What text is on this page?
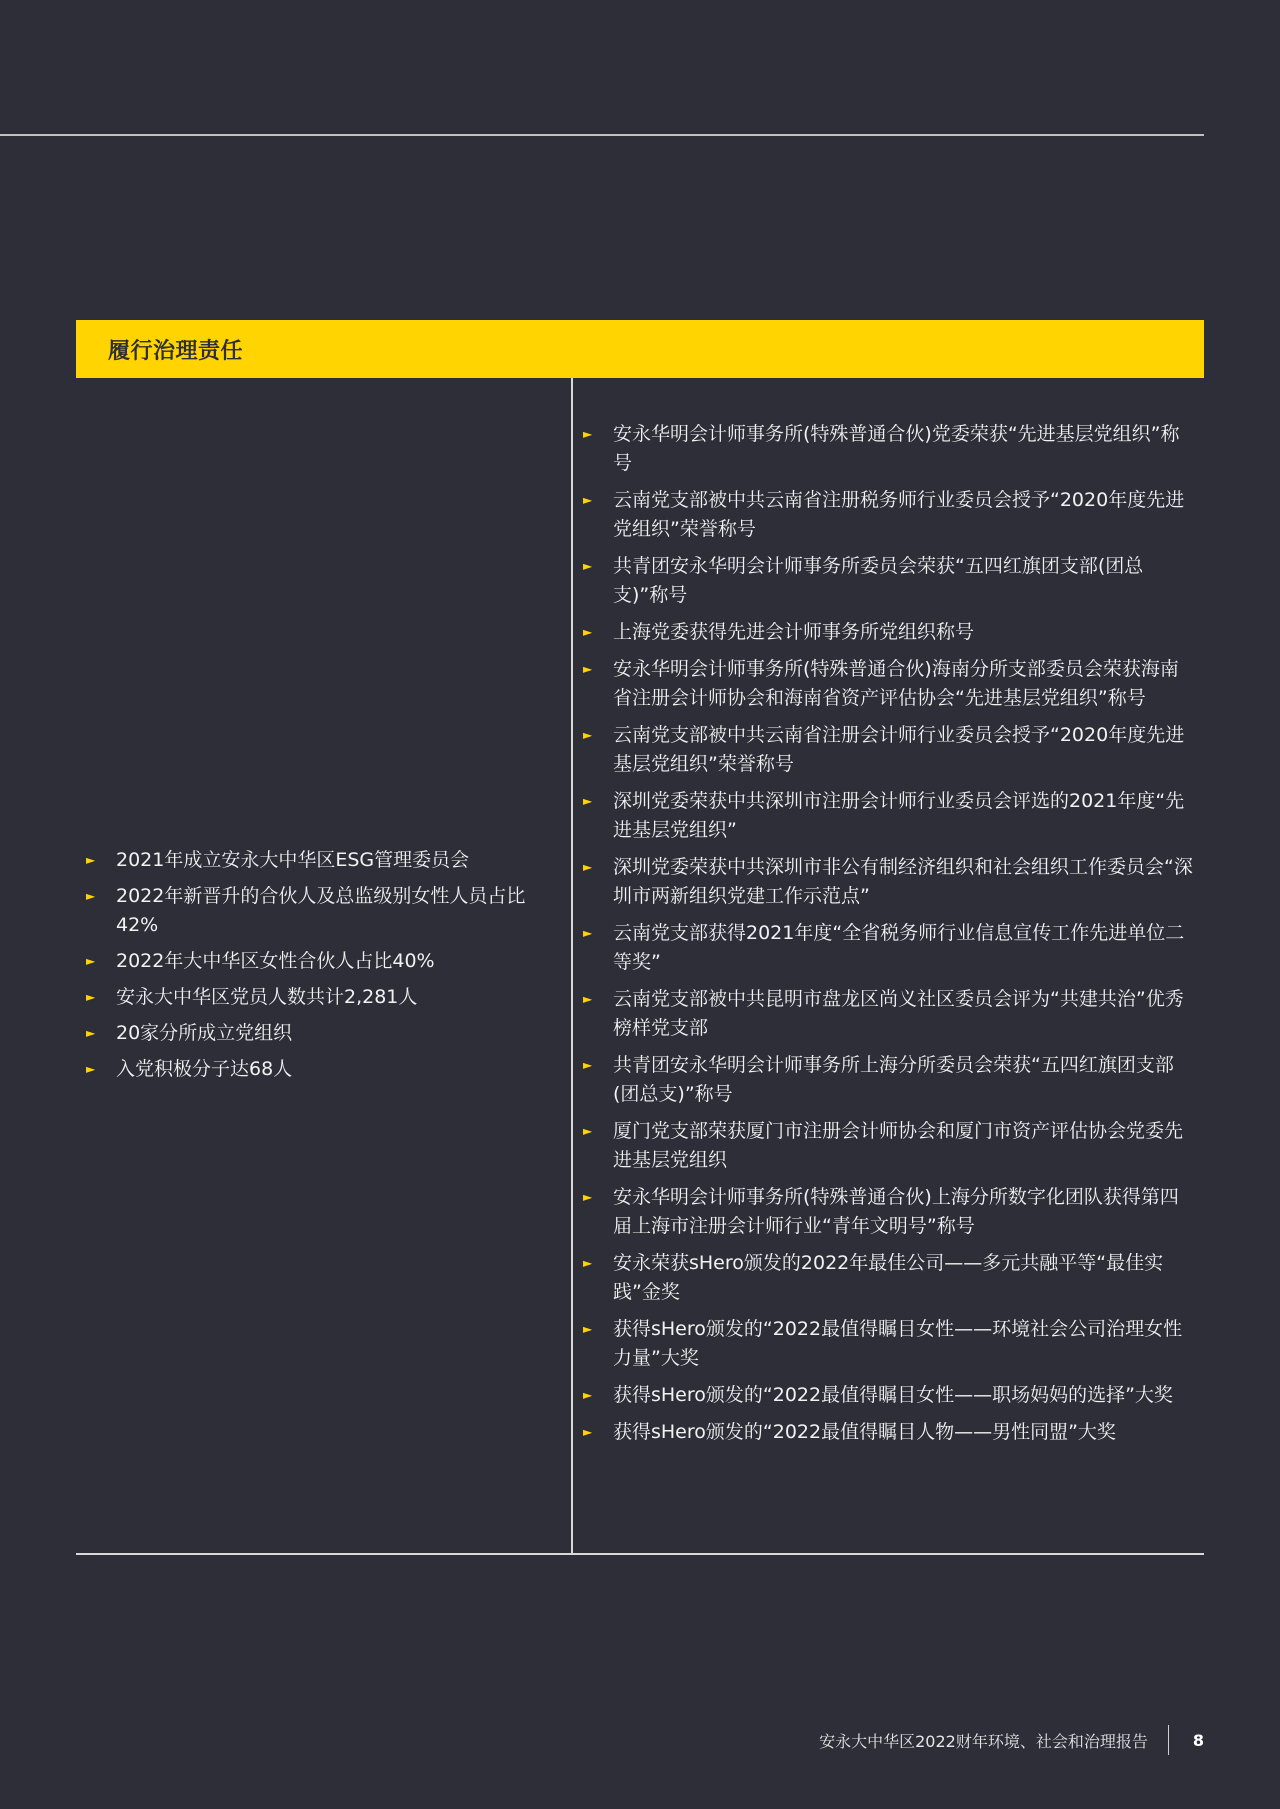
履行治理责任
►	2021年成立安永大中华区ESG管理委员会
►	2022年新晋升的合伙人及总监级别女性人员占比42%
►	2022年大中华区女性合伙人占比40%
►	安永大中华区党员人数共计2,281人
►	20家分所成立党组织
►	入党积极分子达68人
►	安永华明会计师事务所(特殊普通合伙)党委荣获“先进基层党组织”称号
►	云南党支部被中共云南省注册税务师行业委员会授予“2020年度先进党组织”荣誉称号
►	共青团安永华明会计师事务所委员会荣获“五四红旗团支部(团总支)”称号
►	上海党委获得先进会计师事务所党组织称号
►	安永华明会计师事务所(特殊普通合伙)海南分所支部委员会荣获海南省注册会计师协会和海南省资产评估协会“先进基层党组织”称号
►	云南党支部被中共云南省注册会计师行业委员会授予“2020年度先进基层党组织”荣誉称号
►	深圳党委荣获中共深圳市注册会计师行业委员会评选的2021年度“先进基层党组织”
►	深圳党委荣获中共深圳市非公有制经济组织和社会组织工作委员会“深圳市两新组织党建工作示范点”
►	云南党支部获得2021年度“全省税务师行业信息宣传工作先进单位二等奖”
►	云南党支部被中共昆明市盘龙区尚义社区委员会评为“共建共治”优秀榜样党支部
►	共青团安永华明会计师事务所上海分所委员会荣获“五四红旗团支部(团总支)”称号
►	厦门党支部荣获厦门市注册会计师协会和厦门市资产评估协会党委先进基层党组织
►	安永华明会计师事务所(特殊普通合伙)上海分所数字化团队获得第四届上海市注册会计师行业“青年文明号”称号
►	安永荣获sHero颁发的2022年最佳公司——多元共融平等“最佳实践”金奖
►	获得sHero颁发的“2022最值得瞩目女性——环境社会公司治理女性力量”大奖
►	获得sHero颁发的“2022最值得瞩目女性——职场妈妈的选择”大奖
►	获得sHero颁发的“2022最值得瞩目人物——男性同盟”大奖
安永大中华区2022财年环境、社会和治理报告	8
